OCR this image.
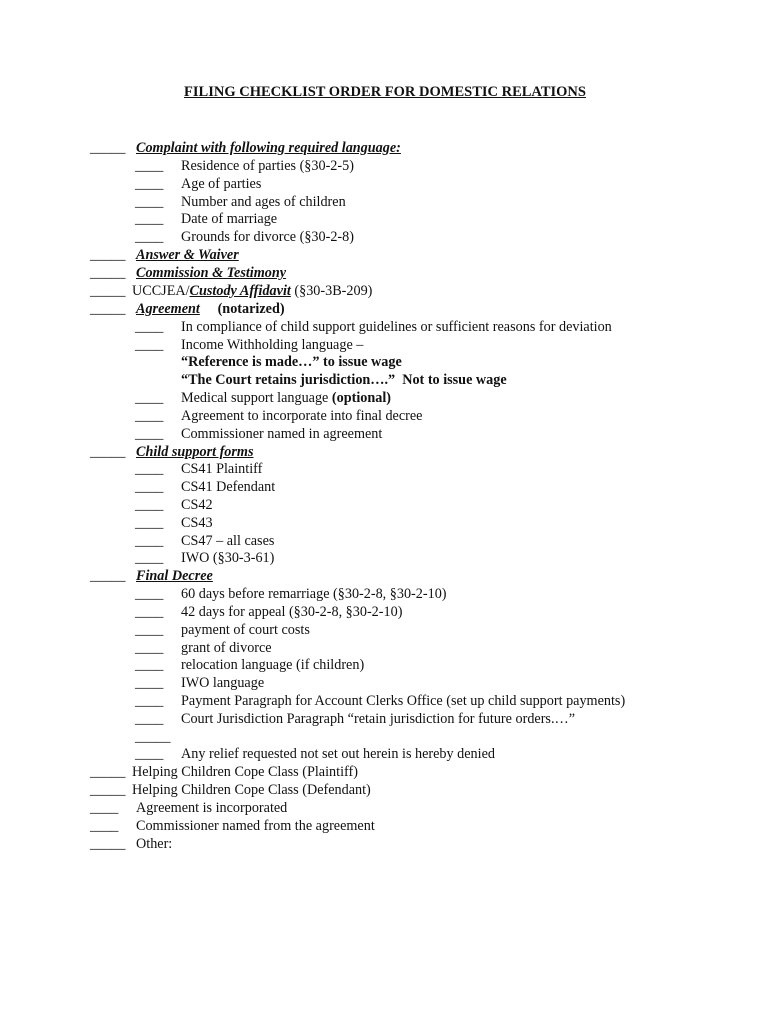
FILING CHECKLIST ORDER FOR DOMESTIC RELATIONS
_____ Complaint with following required language:
____ Residence of parties (§30-2-5)
____ Age of parties
____ Number and ages of children
____ Date of marriage
____ Grounds for divorce (§30-2-8)
_____ Answer & Waiver
_____ Commission & Testimony
_____ UCCJEA/Custody Affidavit (§30-3B-209)
_____ Agreement     (notarized)
____ In compliance of child support guidelines or sufficient reasons for deviation
____ Income Withholding language –
“Reference is made…” to issue wage
“The Court retains jurisdiction….”  Not to issue wage
____ Medical support language (optional)
____ Agreement to incorporate into final decree
____ Commissioner named in agreement
_____ Child support forms
____ CS41 Plaintiff
____ CS41 Defendant
____ CS42
____ CS43
____ CS47 – all cases
____ IWO (§30-3-61)
_____ Final Decree
____ 60 days before remarriage (§30-2-8, §30-2-10)
____ 42 days for appeal (§30-2-8, §30-2-10)
____ payment of court costs
____ grant of divorce
____ relocation language (if children)
____ IWO language
____ Payment Paragraph for Account Clerks Office (set up child support payments)
____ Court Jurisdiction Paragraph “retain jurisdiction for future orders.…”
_____
____ Any relief requested not set out herein is hereby denied
_____ Helping Children Cope Class (Plaintiff)
_____ Helping Children Cope Class (Defendant)
____ Agreement is incorporated
____ Commissioner named from the agreement
_____ Other:
